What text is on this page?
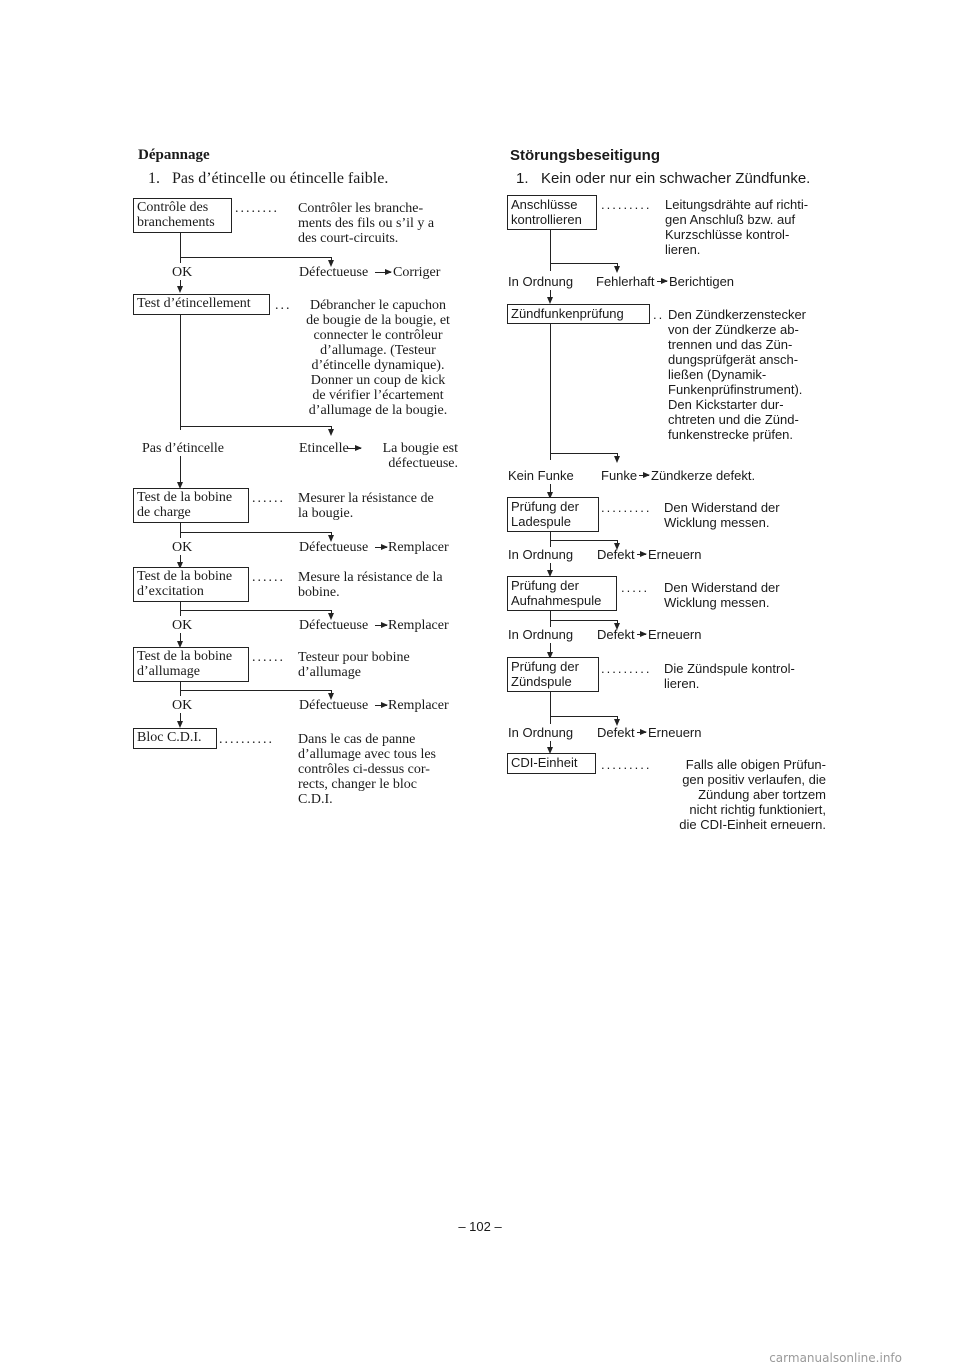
Dépannage
1.   Pas d’étincelle ou étincelle faible.
Contrôle des
branchements
........ Contrôler les branche-
ments des fils ou s’il y a
des court-circuits.
OK	Défectueuse Corriger
Test d’étincellement	...	Débrancher le capuchon
de bougie de la bougie, et
connecter le contrôleur
d’allumage. (Testeur
d’étincelle dynamique).
Donner un coup de kick
de vérifier l’écartement
d’allumage de la bougie.
Pas d’étincelle	Etincelle	La bougie est
défectueuse.
Test de la bobine
de charge
...... Mesurer la résistance de
la bougie.
OK	Défectueuse Remplacer
Test de la bobine
d’excitation
...... Mesure la résistance de la
bobine.
OK	Défectueuse Remplacer
Test de la bobine
d’allumage
...... Testeur pour bobine
d’allumage
OK	Défectueuse Remplacer
Bloc C.D.I.	.......... Dans le cas de panne
d’allumage avec tous les
contrôles ci-dessus cor-
rects, changer le bloc
C.D.I.
Störungsbeseitigung
1.   Kein oder nur ein schwacher Zündfunke.
Anschlüsse
kontrollieren
......... Leitungsdrähte auf richti-
gen Anschluß bzw. auf
Kurzschlüsse kontrol-
lieren.
In Ordnung Fehlerhaft Berichtigen
Zündfunkenprüfung	.. Den Zündkerzenstecker
von der Zündkerze ab-
trennen und das Zün-
dungsprüfgerät ansch-
ließen (Dynamik-
Funkenprüfinstrument).
Den Kickstarter dur-
chtreten und die Zünd-
funkenstrecke prüfen.
Kein Funke Funke Zündkerze defekt.
Prüfung der
Ladespule
......... Den Widerstand der
Wicklung messen.
In Ordnung Defekt Erneuern
Prüfung der
Aufnahmespule
..... Den Widerstand der
Wicklung messen.
In Ordnung Defekt Erneuern
Prüfung der
Zündspule
......... Die Zündspule kontrol-
lieren.
In Ordnung Defekt Erneuern
CDI-Einheit	.........	Falls alle obigen Prüfun-
gen positiv verlaufen, die
Zündung aber tortzem
nicht richtig funktioniert,
die CDI-Einheit erneuern.
– 102 –
carmanualsonline.info
